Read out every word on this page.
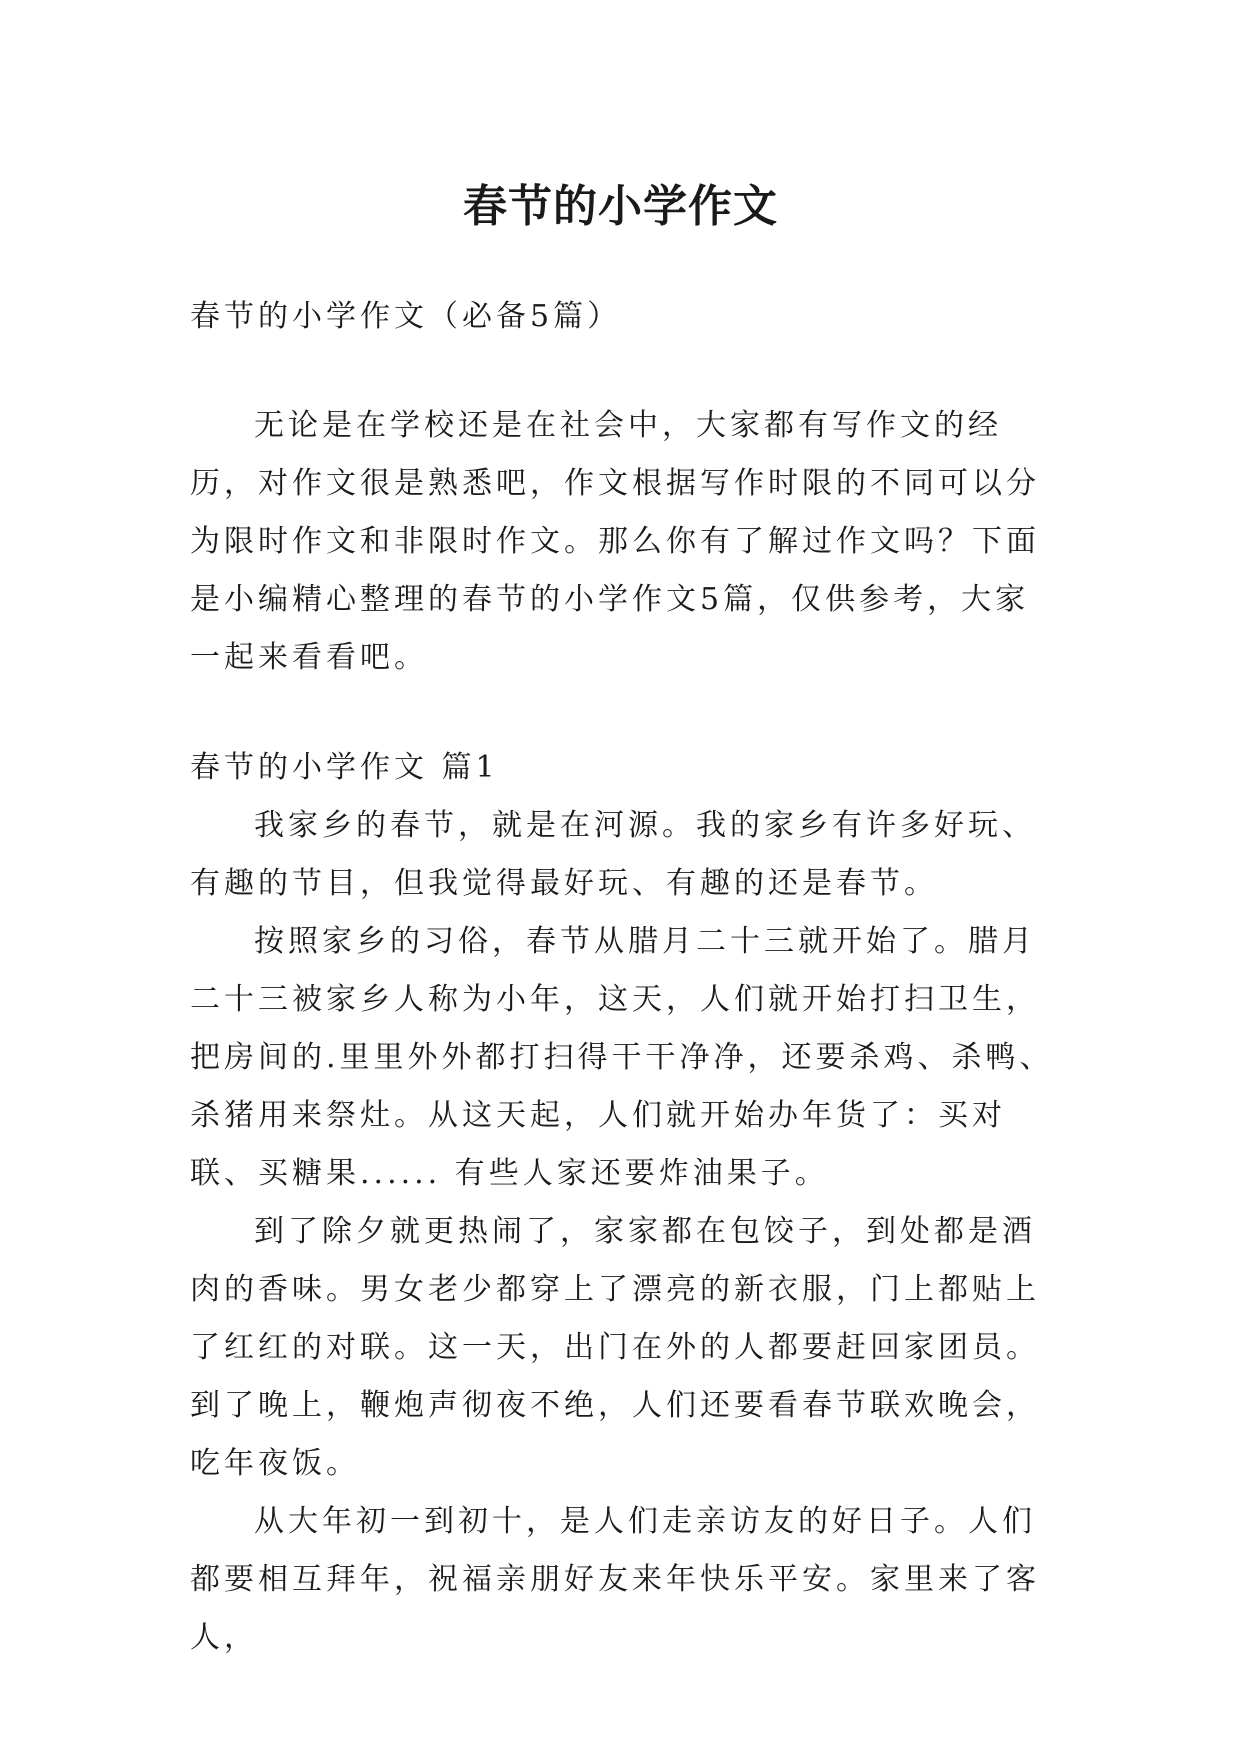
春节的小学作文

春节的小学作文（必备5篇）

无论是在学校还是在社会中，大家都有写作文的经历，对作文很是熟悉吧，作文根据写作时限的不同可以分为限时作文和非限时作文。那么你有了解过作文吗？下面是小编精心整理的春节的小学作文5篇，仅供参考，大家一起来看看吧。

春节的小学作文 篇1

我家乡的春节，就是在河源。我的家乡有许多好玩、有趣的节目，但我觉得最好玩、有趣的还是春节。

按照家乡的习俗，春节从腊月二十三就开始了。腊月二十三被家乡人称为小年，这天，人们就开始打扫卫生，把房间的.里里外外都打扫得干干净净，还要杀鸡、杀鸭、杀猪用来祭灶。从这天起，人们就开始办年货了：买对联、买糖果...... 有些人家还要炸油果子。

到了除夕就更热闹了，家家都在包饺子，到处都是酒肉的香味。男女老少都穿上了漂亮的新衣服，门上都贴上了红红的对联。这一天，出门在外的人都要赶回家团员。到了晚上，鞭炮声彻夜不绝，人们还要看春节联欢晚会，吃年夜饭。

从大年初一到初十，是人们走亲访友的好日子。人们都要相互拜年，祝福亲朋好友来年快乐平安。家里来了客人，
